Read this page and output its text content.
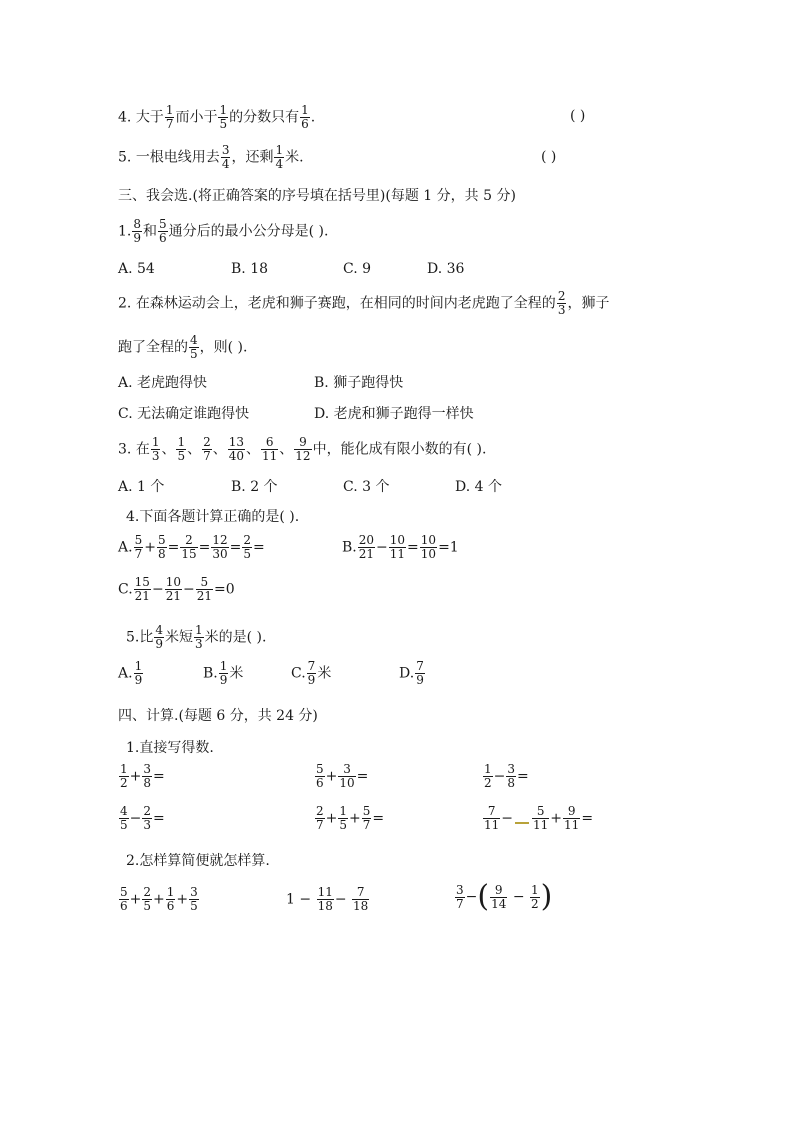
4. 大于 $\frac{1}{7}$ 而小于 $\frac{1}{5}$ 的分数只有 $\frac{1}{6}$ .	( )
5. 一根电线用去 $\frac{3}{4}$ ，还剩 $\frac{1}{4}$ 米.	( )
三、我会选.(将正确答案的序号填在括号里)(每题 1 分，共 5 分)
1. $\frac{8}{9}$ 和 $\frac{5}{6}$ 通分后的最小公分母是( ).
A. 54	B. 18	C. 9	D. 36
2. 在森林运动会上，老虎和狮子赛跑，在相同的时间内老虎跑了全程的 $\frac{2}{3}$ ，狮子
跑了全程的 $\frac{4}{5}$ ，则( ).
A. 老虎跑得快	B. 狮子跑得快
C. 无法确定谁跑得快	D. 老虎和狮子跑得一样快
3. 在 $\frac{1}{3}$ 、 $\frac{1}{5}$ 、 $\frac{2}{7}$ 、 $\frac{13}{40}$ 、 $\frac{6}{11}$ 、 $\frac{9}{12}$ 中，能化成有限小数的有( ).
A. 1 个	B. 2 个	C. 3 个	D. 4 个
4.下面各题计算正确的是( ).
A. $\frac{5}{7} + \frac{5}{8} = \frac{2}{15} = \frac{12}{30} = \frac{2}{5}$ =	B. $\frac{20}{21} - \frac{10}{11} = \frac{10}{10} =1$
C. $\frac{15}{21} - \frac{10}{21} - \frac{5}{21} =0$
5.比 $\frac{4}{9}$ 米短 $\frac{1}{3}$ 米的是( ).
A. $\frac{1}{9}$	B. $\frac{1}{9}$ 米	C. $\frac{7}{9}$ 米	D. $\frac{7}{9}$
四、计算.(每题 6 分，共 24 分)
1.直接写得数.
$\frac{1}{2} + \frac{3}{8}$ =	$\frac{5}{6} + \frac{3}{10}$ =	$\frac{1}{2} - \frac{3}{8}$ =
$\frac{4}{5} - \frac{2}{3}$ =	$\frac{2}{7} + \frac{1}{5} + \frac{5}{7}$ =	$\frac{7}{11} - \frac{5}{11} + \frac{9}{11}$ =
2.怎样算简便就怎样算.
$\frac{5}{6} + \frac{2}{5} + \frac{1}{6} + \frac{3}{5}$	$1 - \frac{11}{18} - \frac{7}{18}$	$\frac{3}{7}$ −( $\frac{9}{14} - \frac{1}{2}$ )
